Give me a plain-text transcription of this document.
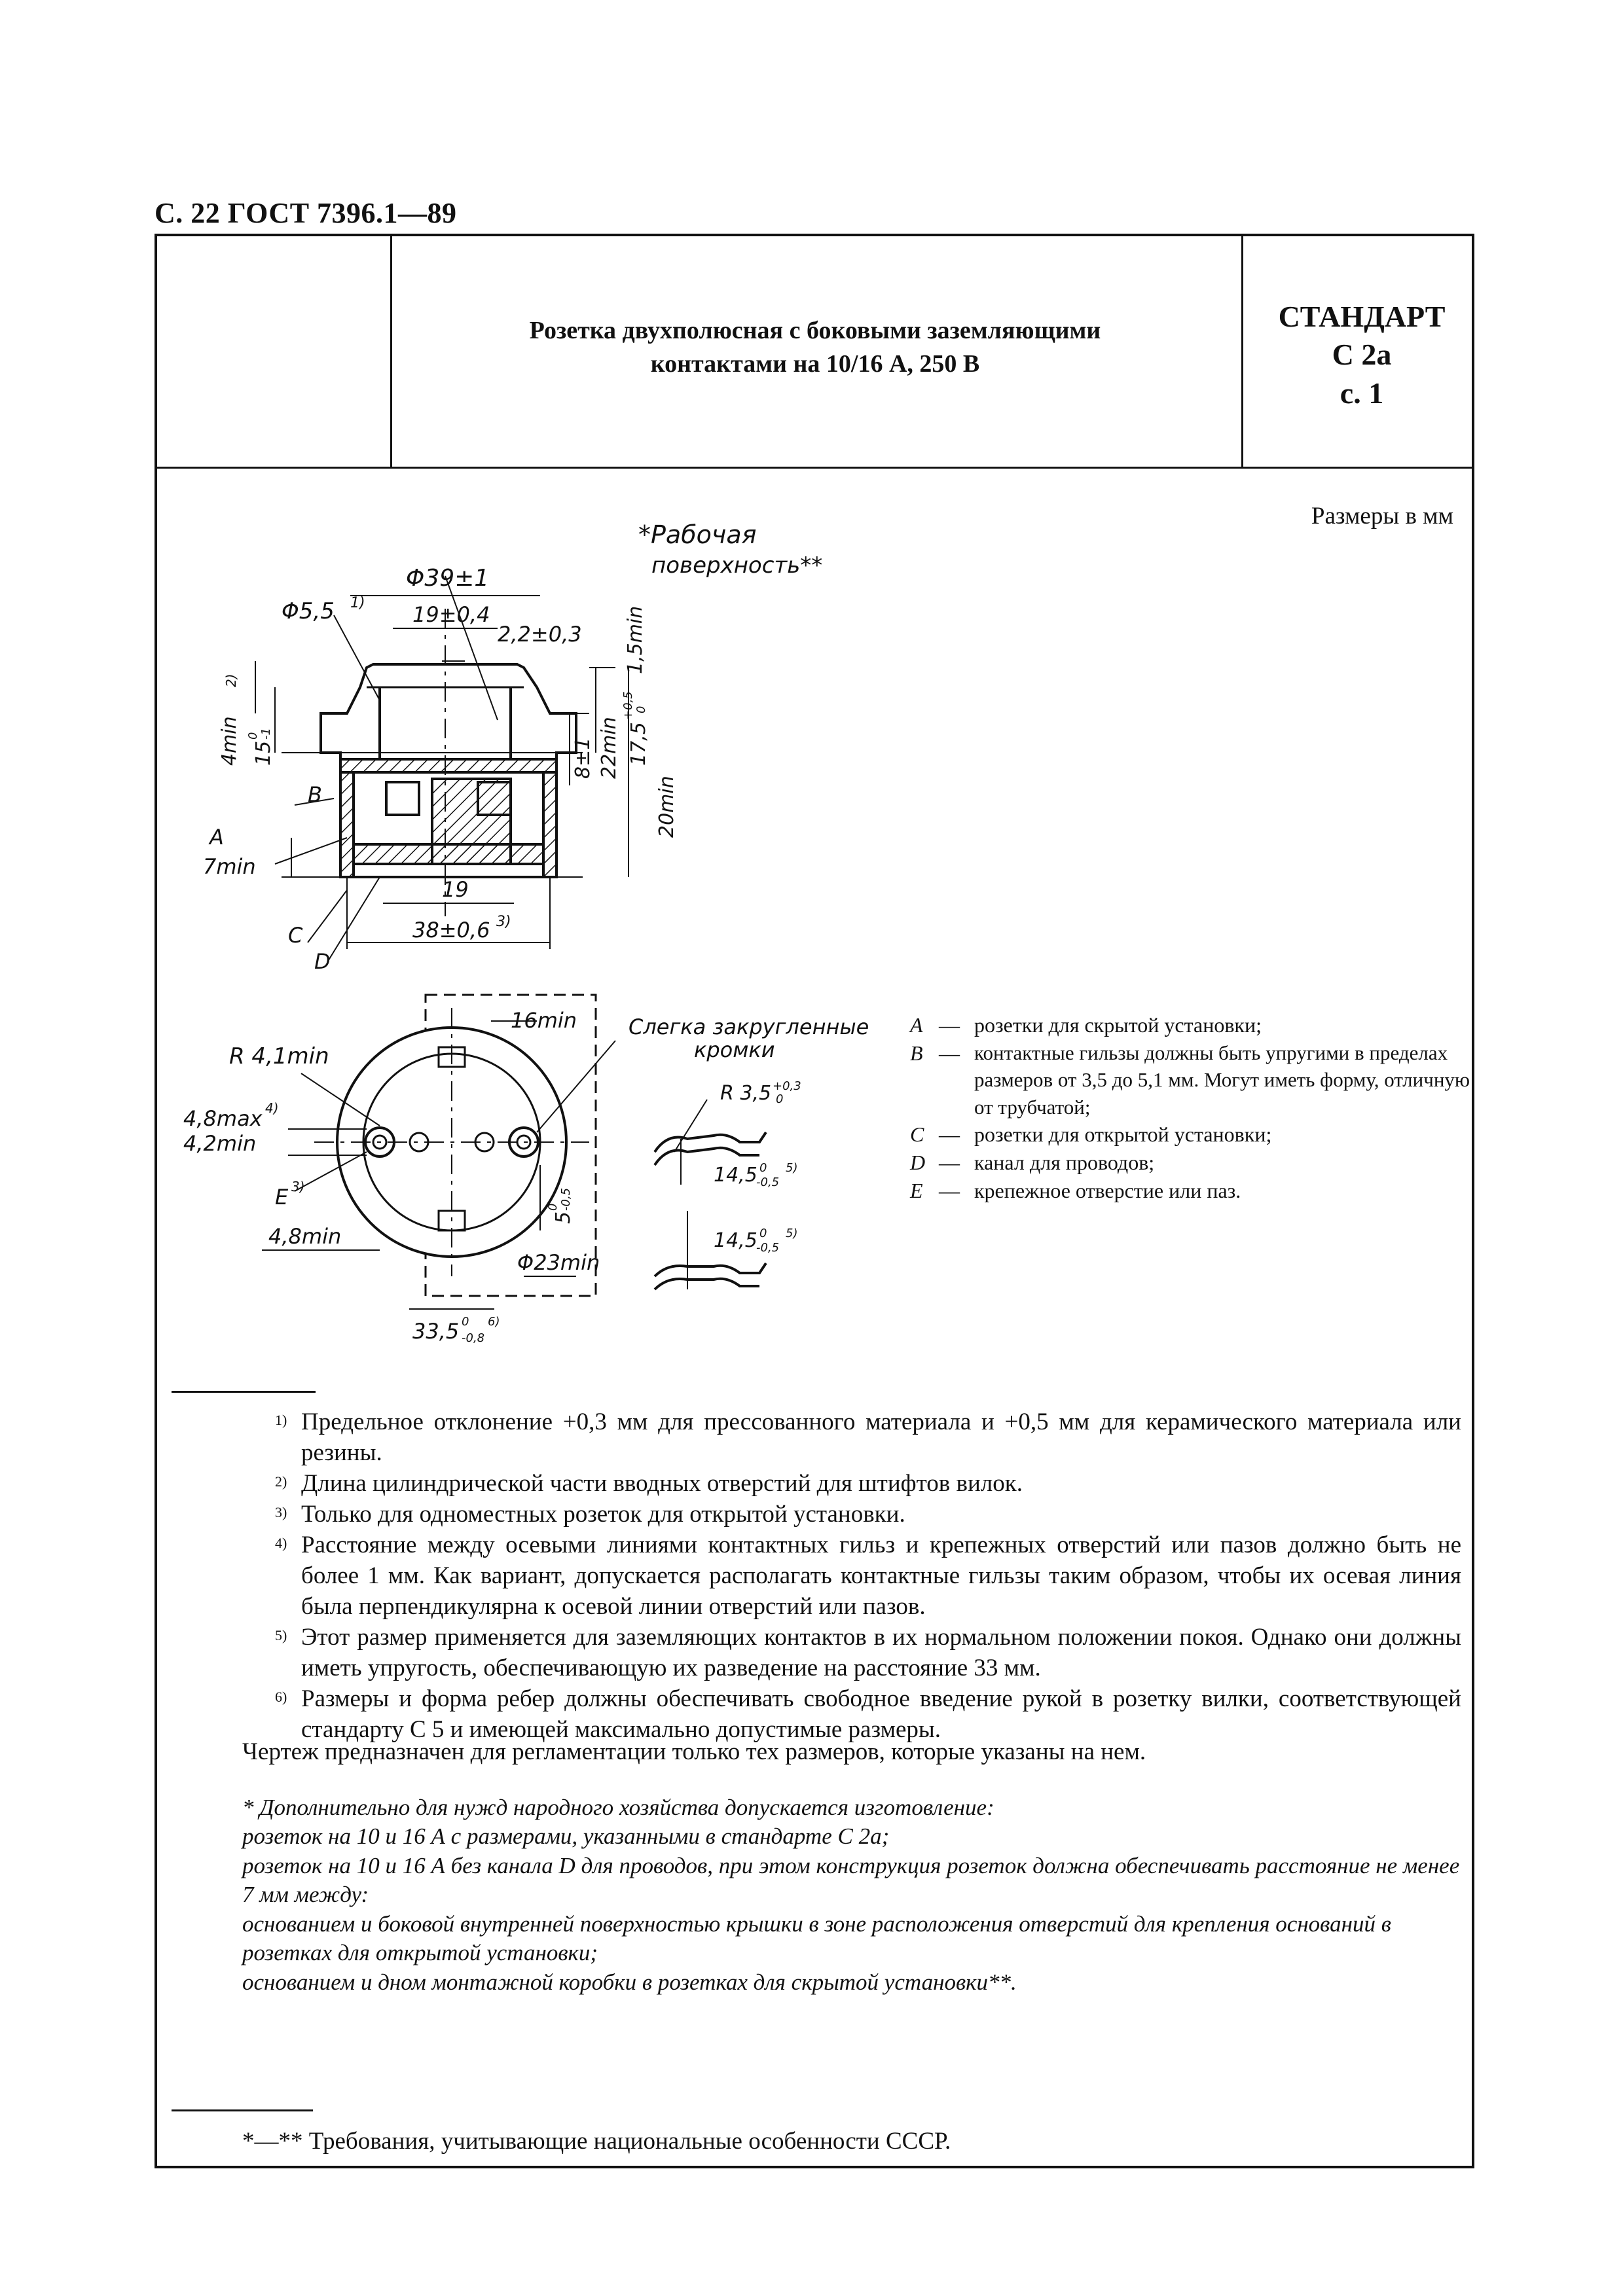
С. 22 ГОСТ 7396.1—89
Розетка двухполюсная с боковыми заземляющими
контактами на 10/16 А, 250 В
СТАНДАРТ
С 2а
с. 1
Размеры в мм
Φ39±1
Φ5,5 1) 19±0,4
2,2±0,3
*Рабочая
поверхность**
1,5min
4min
2)
15
0 -1
8±1 22min 17,5
+0,5 0
20min
B
A
7min
C
D
19
38±0,6 3)
R 4,1min
16min Слегка закругленные
кромки
4,8max 4)
4,2min
E 3)
4,8min
5
0 -0,5
Φ23min
33,5 0
-0,8
6)
R 3,5 +0,3
0
14,5 0
-0,5
5)
14,5 0
-0,5
5)
A — розетки для скрытой установки;
B — контактные гильзы должны быть упругими в пределах размеров от 3,5 до 5,1 мм. Могут иметь форму, отличную от трубчатой;
C — розетки для открытой установки;
D — канал для проводов;
E — крепежное отверстие или паз.
1) Предельное отклонение +0,3 мм для прессованного материала и +0,5 мм для керамического материала или резины.
2) Длина цилиндрической части вводных отверстий для штифтов вилок.
3) Только для одноместных розеток для открытой установки.
4) Расстояние между осевыми линиями контактных гильз и крепежных отверстий или пазов должно быть не более 1 мм. Как вариант, допускается располагать контактные гильзы таким образом, чтобы их осевая линия была перпендикулярна к осевой линии отверстий или пазов.
5) Этот размер применяется для заземляющих контактов в их нормальном положении покоя. Однако они должны иметь упругость, обеспечивающую их разведение на расстояние 33 мм.
6) Размеры и форма ребер должны обеспечивать свободное введение рукой в розетку вилки, соответствующей стандарту С 5 и имеющей максимально допустимые размеры.
Чертеж предназначен для регламентации только тех размеров, которые указаны на нем.
* Дополнительно для нужд народного хозяйства допускается изготовление:
розеток на 10 и 16 А с размерами, указанными в стандарте С 2а;
розеток на 10 и 16 А без канала D для проводов, при этом конструкция розеток должна обеспечивать расстояние не менее 7 мм между:
основанием и боковой внутренней поверхностью крышки в зоне расположения отверстий для крепления оснований в розетках для открытой установки;
основанием и дном монтажной коробки в розетках для скрытой установки**.
*—** Требования, учитывающие национальные особенности СССР.
